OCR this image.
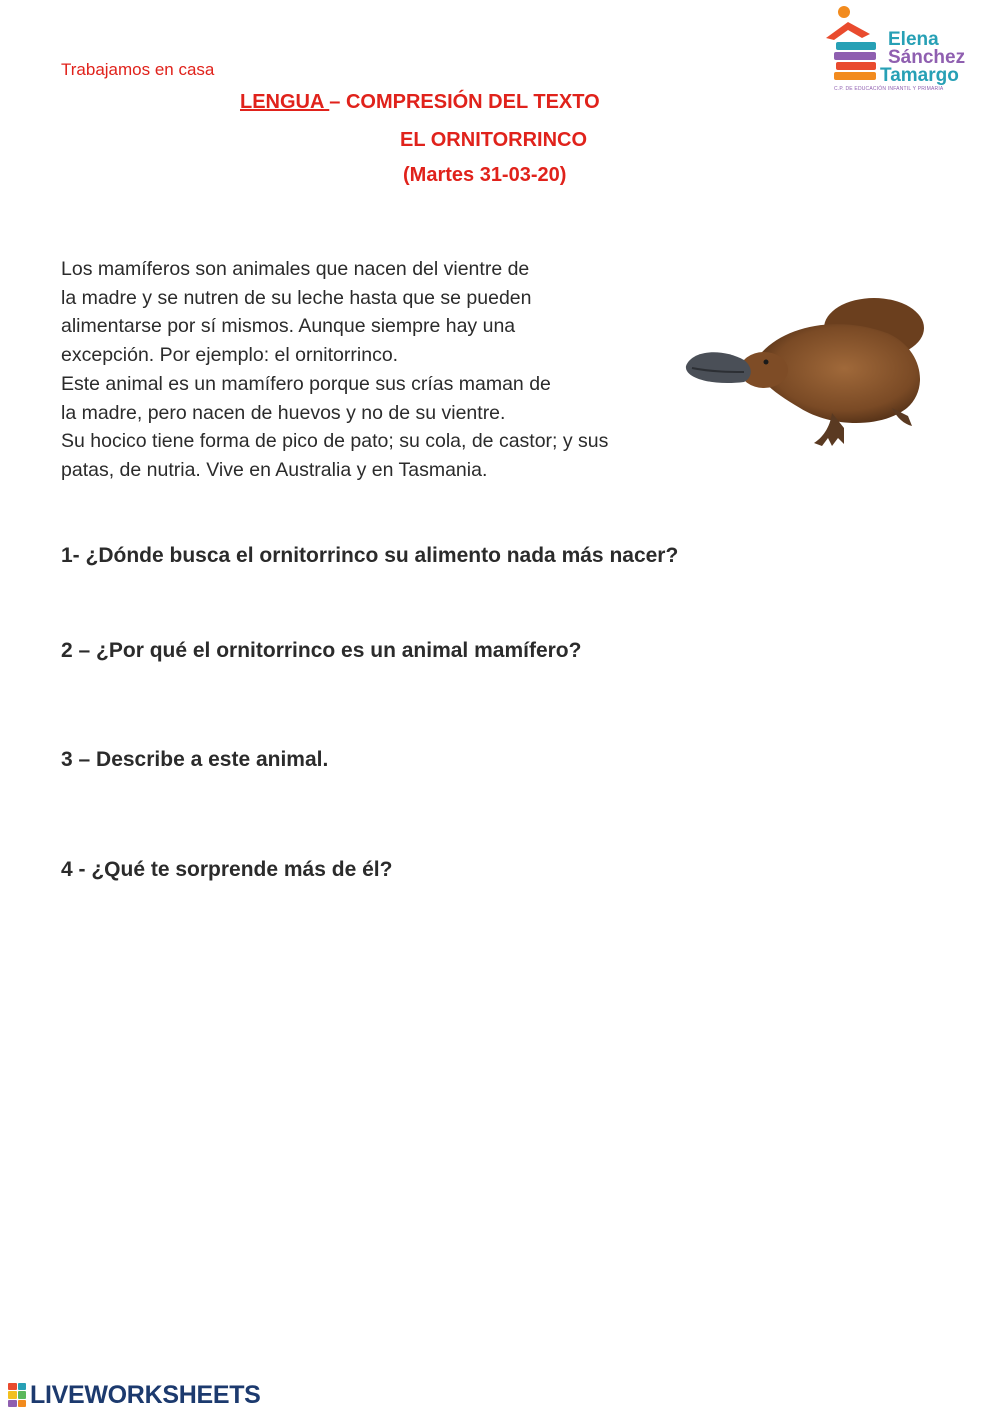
Trabajamos en casa
LENGUA – COMPRESIÓN DEL TEXTO
EL ORNITORRINCO
(Martes 31-03-20)
Elena
Sánchez
Tamargo
C.P. DE EDUCACIÓN INFANTIL Y PRIMARIA

Los mamíferos son animales que nacen del vientre de

la madre y se nutren de su leche hasta que se pueden

alimentarse por sí mismos. Aunque siempre hay una

excepción. Por ejemplo: el ornitorrinco.

Este animal es un mamífero porque sus crías maman de

la madre, pero nacen de huevos y no de su vientre.

Su hocico tiene forma de pico de pato; su cola, de castor; y sus

patas, de nutria. Vive en Australia y en Tasmania.

1- ¿Dónde busca el ornitorrinco su alimento nada más nacer?
2 – ¿Por qué el ornitorrinco es un animal mamífero?
3 – Describe a este animal.
4 - ¿Qué te sorprende más de él?
LIVEWORKSHEETS
